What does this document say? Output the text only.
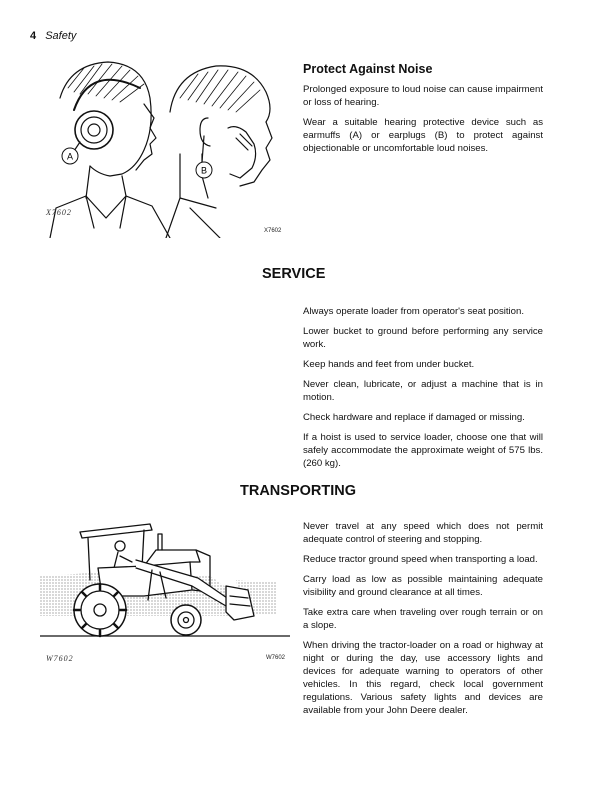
4 Safety
A
B
X7602
X7602
Protect Against Noise

Prolonged exposure to loud noise can cause impairment or loss of hearing.

Wear a suitable hearing protective device such as earmuffs (A) or earplugs (B) to protect against objectionable or uncomfortable loud noises.

SERVICE

Always operate loader from operator's seat position.

Lower bucket to ground before performing any service work.

Keep hands and feet from under bucket.

Never clean, lubricate, or adjust a machine that is in motion.

Check hardware and replace if damaged or missing.

If a hoist is used to service loader, choose one that will safely accommodate the approximate weight of 575 lbs. (260 kg).

TRANSPORTING
W7602	W7602

Never travel at any speed which does not permit adequate control of steering and stopping.

Reduce tractor ground speed when transporting a load.

Carry load as low as possible maintaining adequate visibility and ground clearance at all times.

Take extra care when traveling over rough terrain or on a slope.

When driving the tractor-loader on a road or highway at night or during the day, use accessory lights and devices for adequate warning to operators of other vehicles. In this regard, check local government regulations. Various safety lights and devices are available from your John Deere dealer.
